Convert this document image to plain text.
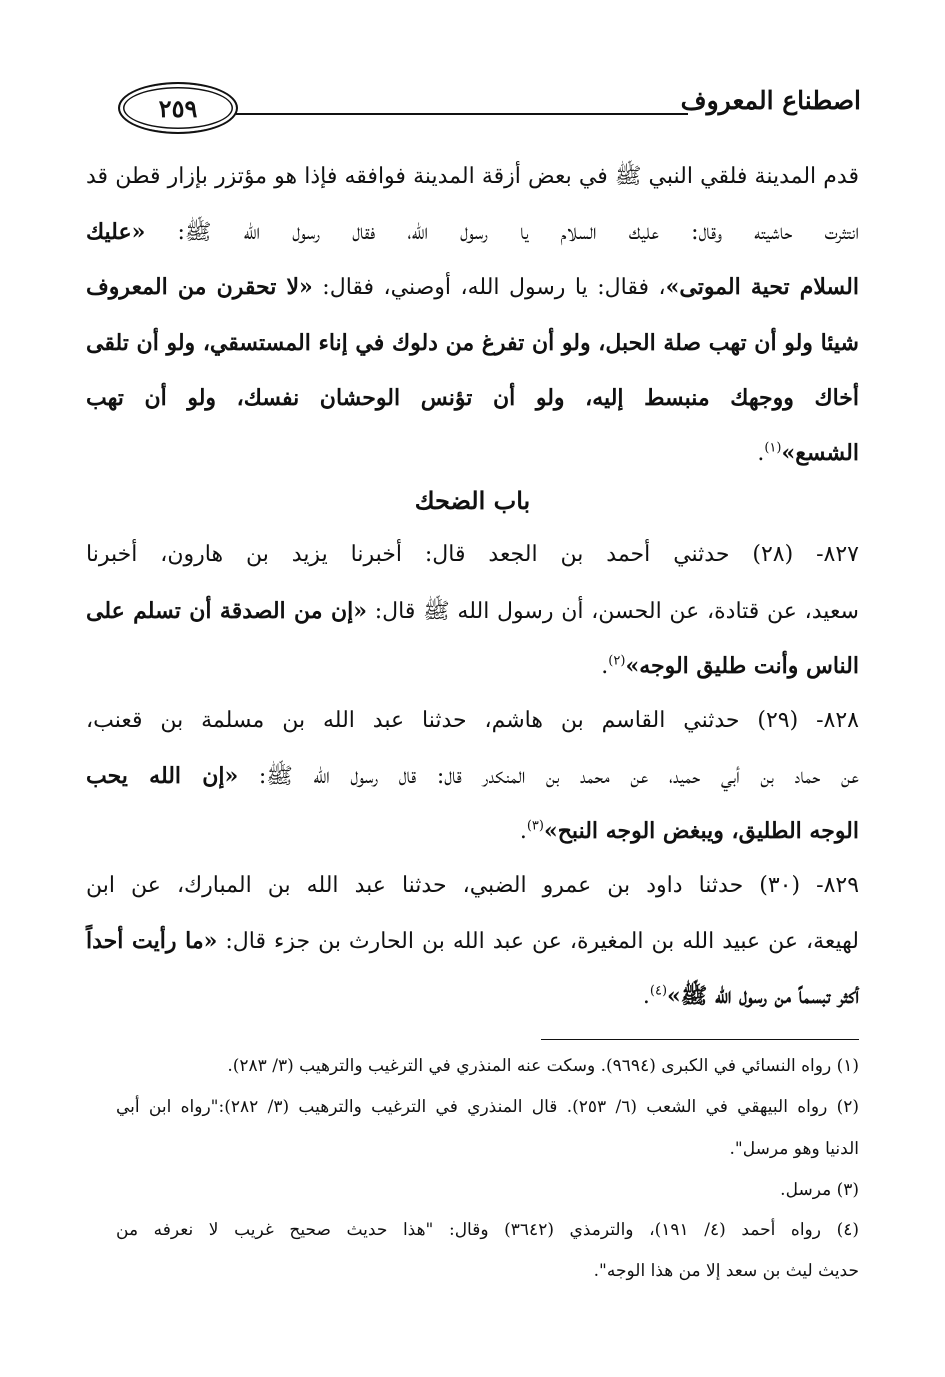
اصطناع المعروف
٢٥٩
قدم المدينة فلقي النبي ﷺ في بعض أزقة المدينة فوافقه فإذا هو مؤتزر بإزار قطن قد
انتثرت حاشيته وقال: عليك السلام يا رسول الله، فقال رسول الله ﷺ: «عليك
السلام تحية الموتى»، فقال: يا رسول الله، أوصني، فقال: «لا تحقرن من المعروف
شيئا ولو أن تهب صلة الحبل، ولو أن تفرغ من دلوك في إناء المستسقي، ولو أن تلقى
أخاك ووجهك منبسط إليه، ولو أن تؤنس الوحشان نفسك، ولو أن تهب
الشسع»$^{(١)}$.
باب الضحك
٨٢٧- (٢٨) حدثني أحمد بن الجعد قال: أخبرنا يزيد بن هارون، أخبرنا
سعيد، عن قتادة، عن الحسن، أن رسول الله ﷺ قال: «إن من الصدقة أن تسلم على
الناس وأنت طليق الوجه»$^{(٢)}$.
٨٢٨- (٢٩) حدثني القاسم بن هاشم، حدثنا عبد الله بن مسلمة بن قعنب،
عن حماد بن أبي حميد، عن محمد بن المنكدر قال: قال رسول الله ﷺ: «إن الله يحب
الوجه الطليق، ويبغض الوجه النبح»$^{(٣)}$.
٨٢٩- (٣٠) حدثنا داود بن عمرو الضبي، حدثنا عبد الله بن المبارك، عن ابن
لهيعة، عن عبيد الله بن المغيرة، عن عبد الله بن الحارث بن جزء قال: «ما رأيت أحداً
أكثر تبسماً من رسول الله ﷺ»$^{(٤)}$.
(١) رواه النسائي في الكبرى (٩٦٩٤). وسكت عنه المنذري في الترغيب والترهيب (٣/ ٢٨٣).
(٢) رواه البيهقي في الشعب (٦/ ٢٥٣). قال المنذري في الترغيب والترهيب (٣/ ٢٨٢):"رواه ابن أبي
الدنيا وهو مرسل".
(٣) مرسل.
(٤) رواه أحمد (٤/ ١٩١)، والترمذي (٣٦٤٢) وقال: "هذا حديث صحيح غريب لا نعرفه من
حديث ليث بن سعد إلا من هذا الوجه".
